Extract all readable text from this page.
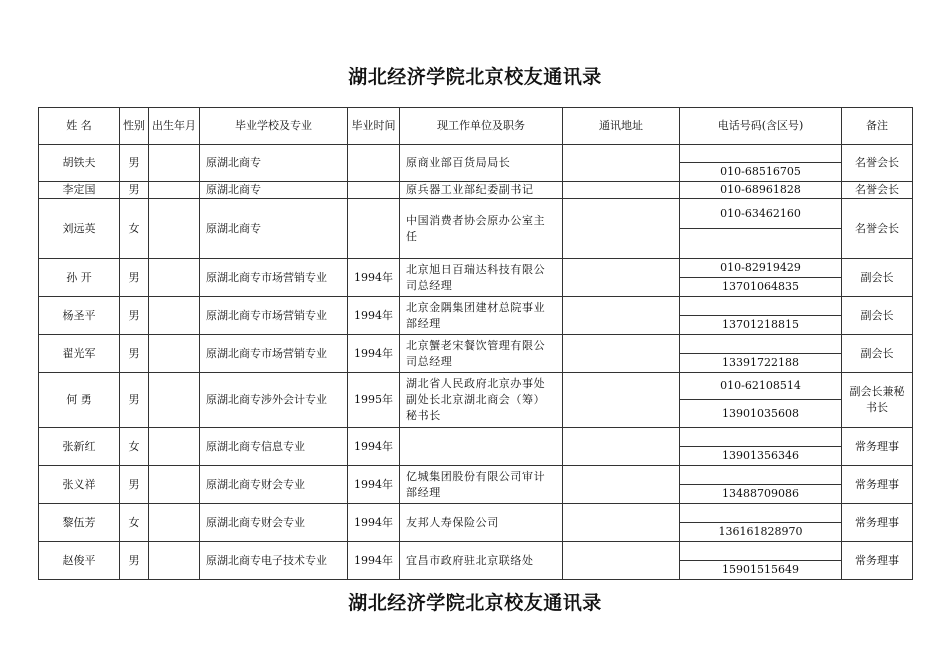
湖北经济学院北京校友通讯录
姓 名	性别	出生年月	毕业学校及专业	毕业时间	现工作单位及职务	通讯地址	电话号码(含区号)	备注
胡铁夫	男		原湖北商专		原商业部百货局局长			名誉会长
							010-68516705	
李定国	男		原湖北商专		原兵器工业部纪委副书记		010-68961828	名誉会长
刘远英	女		原湖北商专		中国消费者协会原办公室主任		010-63462160	名誉会长

孙 开	男		原湖北商专市场营销专业	1994年	北京旭日百瑞达科技有限公司总经理		010-82919429	副会长
							13701064835	
杨圣平	男		原湖北商专市场营销专业	1994年	北京金隅集团建材总院事业部经理			副会长
							13701218815	
翟光军	男		原湖北商专市场营销专业	1994年	北京蟹老宋餐饮管理有限公司总经理			副会长
							13391722188	
何 勇	男		原湖北商专涉外会计专业	1995年	湖北省人民政府北京办事处副处长北京湖北商会（筹）秘书长		010-62108514	副会长兼秘书长
							13901035608	
张新红	女		原湖北商专信息专业	1994年				常务理事
							13901356346	
张义祥	男		原湖北商专财会专业	1994年	亿城集团股份有限公司审计部经理			常务理事
							13488709086	
黎伍芳	女		原湖北商专财会专业	1994年	友邦人寿保险公司			常务理事
							136161828970	
赵俊平	男		原湖北商专电子技术专业	1994年	宜昌市政府驻北京联络处			常务理事
							15901515649	
湖北经济学院北京校友通讯录
